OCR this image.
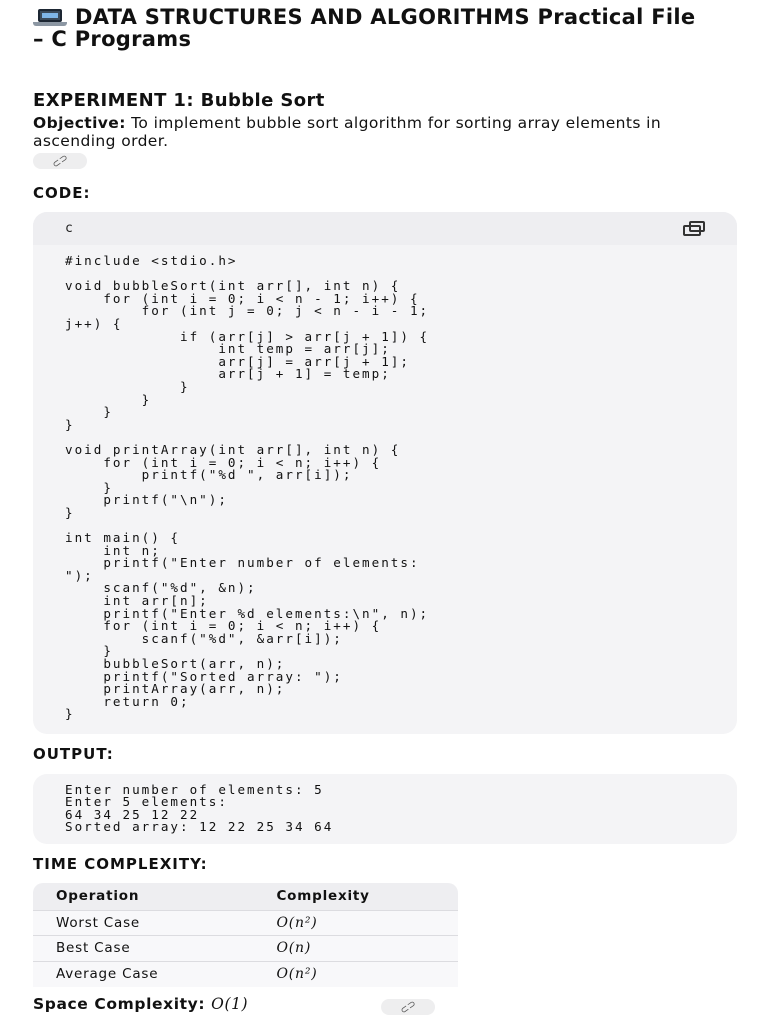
DATA STRUCTURES AND ALGORITHMS Practical File – C Programs
EXPERIMENT 1: Bubble Sort
Objective: To implement bubble sort algorithm for sorting array elements in ascending order.
⊂⊃
CODE:
c
#include <stdio.h>

void bubbleSort(int arr[], int n) {
for (int i = 0; i < n - 1; i++) {
for (int j = 0; j < n - i - 1;
j++) {
if (arr[j] > arr[j + 1]) {
int temp = arr[j];
arr[j] = arr[j + 1];
arr[j + 1] = temp;
}
}
}
}

void printArray(int arr[], int n) {
for (int i = 0; i < n; i++) {
printf("%d ", arr[i]);
}
printf("\n");
}

int main() {
int n;
printf("Enter number of elements:
");
scanf("%d", &n);
int arr[n];
printf("Enter %d elements:\n", n);
for (int i = 0; i < n; i++) {
scanf("%d", &arr[i]);
}
bubbleSort(arr, n);
printf("Sorted array: ");
printArray(arr, n);
return 0;
}
OUTPUT:
Enter number of elements: 5
Enter 5 elements:
64 34 25 12 22
Sorted array: 12 22 25 34 64
TIME COMPLEXITY:
Operation	Complexity
Worst Case	O(n²)
Best Case	O(n)
Average Case	O(n²)
Space Complexity: O(1)	⊂⊃
